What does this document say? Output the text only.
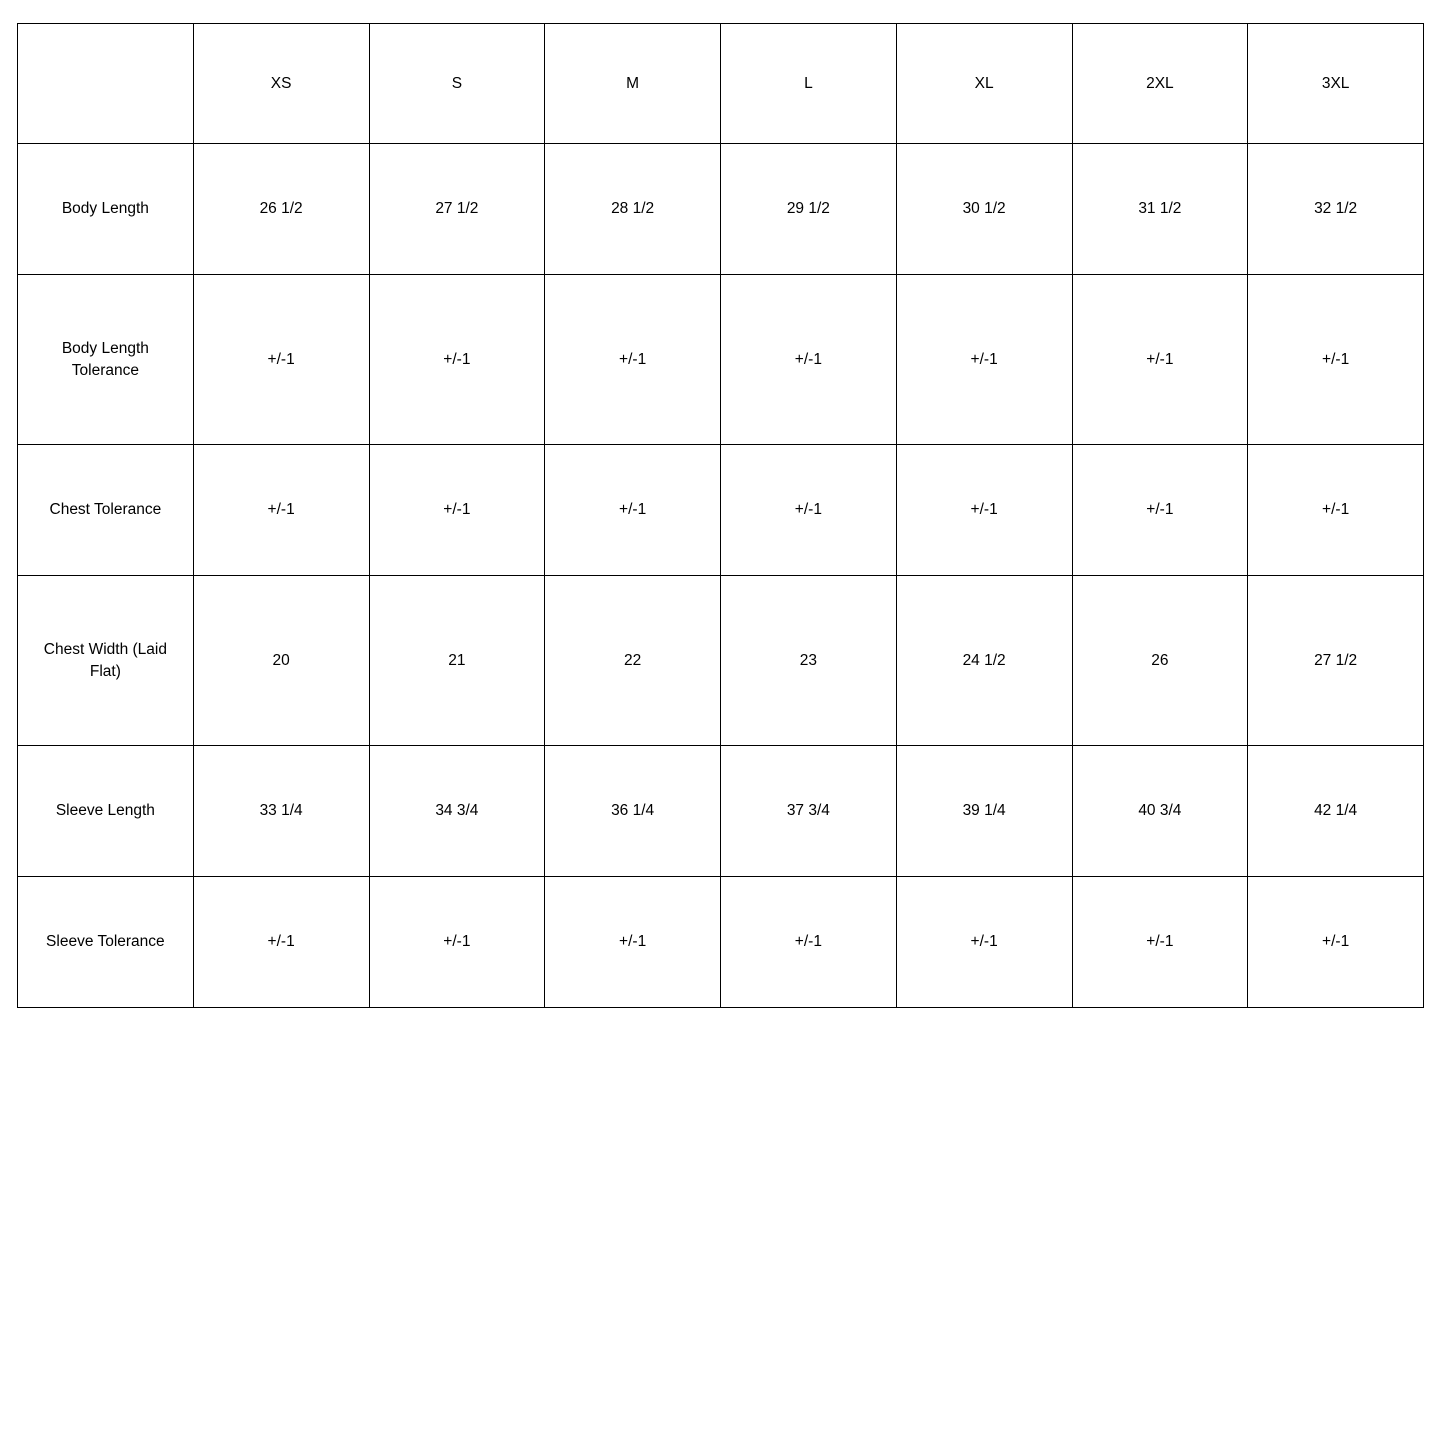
	XS	S	M	L	XL	2XL	3XL
Body Length	26 1/2	27 1/2	28 1/2	29 1/2	30 1/2	31 1/2	32 1/2
Body Length Tolerance	+/-1	+/-1	+/-1	+/-1	+/-1	+/-1	+/-1
Chest Tolerance	+/-1	+/-1	+/-1	+/-1	+/-1	+/-1	+/-1
Chest Width (Laid Flat)	20	21	22	23	24 1/2	26	27 1/2
Sleeve Length	33 1/4	34 3/4	36 1/4	37 3/4	39 1/4	40 3/4	42 1/4
Sleeve Tolerance	+/-1	+/-1	+/-1	+/-1	+/-1	+/-1	+/-1
